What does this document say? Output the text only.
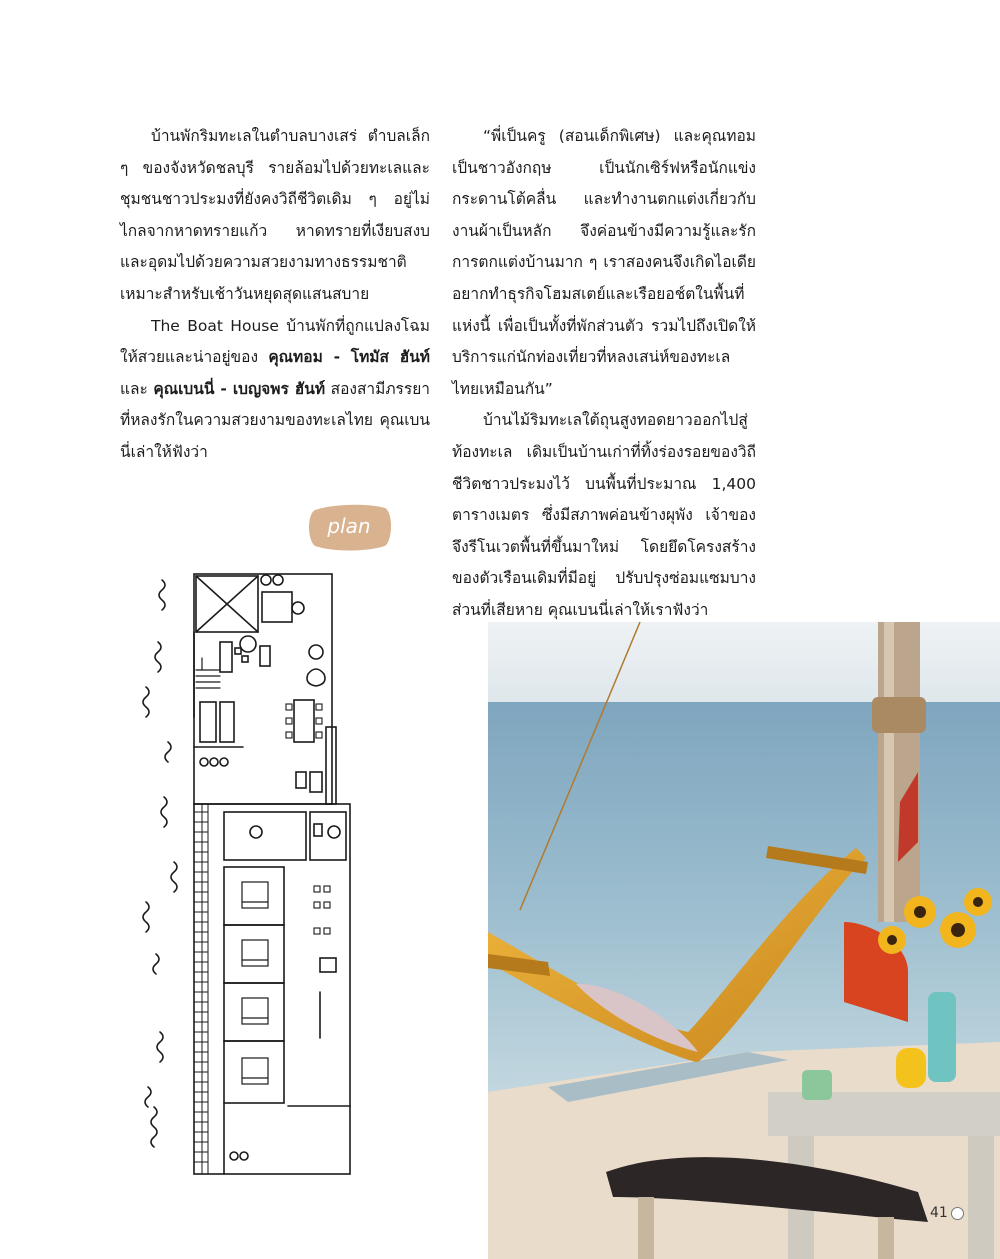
บ้านพักริมทะเลในตำบลบางเสร่ ตำบลเล็ก ๆ ของจังหวัดชลบุรี รายล้อมไปด้วยทะเลและชุมชนชาวประมงที่ยังคงวิถีชีวิตเดิม ๆ อยู่ไม่ไกลจากหาดทรายแก้ว หาดทรายที่เงียบสงบและอุดมไปด้วยความสวยงามทางธรรมชาติ เหมาะสำหรับเช้าวันหยุดสุดแสนสบาย

The Boat House บ้านพักที่ถูกแปลงโฉมให้สวยและน่าอยู่ของ คุณทอม - โทมัส ฮันท์ และ คุณเบนนี่ - เบญจพร ฮันท์ สองสามีภรรยาที่หลงรักในความสวยงามของทะเลไทย คุณเบนนี่เล่าให้ฟังว่า

“พี่เป็นครู (สอนเด็กพิเศษ) และคุณทอมเป็นชาวอังกฤษ เป็นนักเซิร์ฟหรือนักแข่งกระดานโต้คลื่น และทำงานตกแต่งเกี่ยวกับงานผ้าเป็นหลัก จึงค่อนข้างมีความรู้และรักการตกแต่งบ้านมาก ๆ เราสองคนจึงเกิดไอเดียอยากทำธุรกิจโฮมสเตย์และเรือยอช์ตในพื้นที่แห่งนี้ เพื่อเป็นทั้งที่พักส่วนตัว รวมไปถึงเปิดให้บริการแก่นักท่องเที่ยวที่หลงเสน่ห์ของทะเลไทยเหมือนกัน”

บ้านไม้ริมทะเลใต้ถุนสูงทอดยาวออกไปสู่ท้องทะเล เดิมเป็นบ้านเก่าที่ทิ้งร่องรอยของวิถีชีวิตชาวประมงไว้ บนพื้นที่ประมาณ 1,400 ตารางเมตร ซึ่งมีสภาพค่อนข้างผุพัง เจ้าของจึงรีโนเวตพื้นที่ขึ้นมาใหม่ โดยยึดโครงสร้างของตัวเรือนเดิมที่มีอยู่ ปรับปรุงซ่อมแซมบางส่วนที่เสียหาย คุณเบนนี่เล่าให้เราฟังว่า

plan
41
